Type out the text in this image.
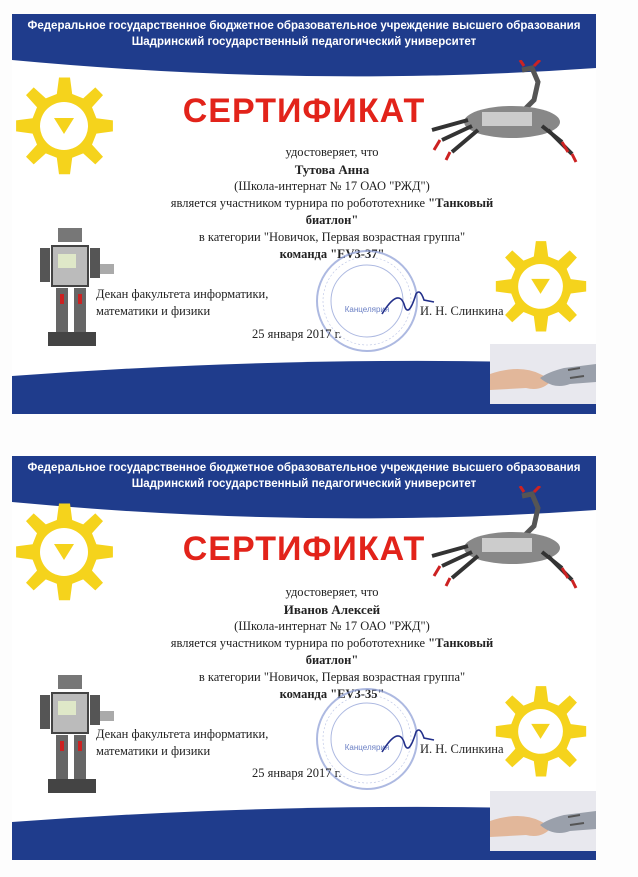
Федеральное государственное бюджетное образовательное учреждение высшего образования
Шадринский государственный педагогический университет
СЕРТИФИКАТ
удостоверяет, что
Тутова Анна
(Школа-интернат № 17 ОАО "РЖД")
является участником турнира по робототехнике "Танковый биатлон"
в категории "Новичок, Первая возрастная группа"
команда "EV3-37"
Канцелярия
Декан факультета информатики,
математики и физики	И. Н. Слинкина
25 января 2017 г.
Федеральное государственное бюджетное образовательное учреждение высшего образования
Шадринский государственный педагогический университет
СЕРТИФИКАТ
удостоверяет, что
Иванов Алексей
(Школа-интернат № 17 ОАО "РЖД")
является участником турнира по робототехнике "Танковый биатлон"
в категории "Новичок, Первая возрастная группа"
команда "EV3-35"
Канцелярия
Декан факультета информатики,
математики и физики	И. Н. Слинкина
25 января 2017 г.
